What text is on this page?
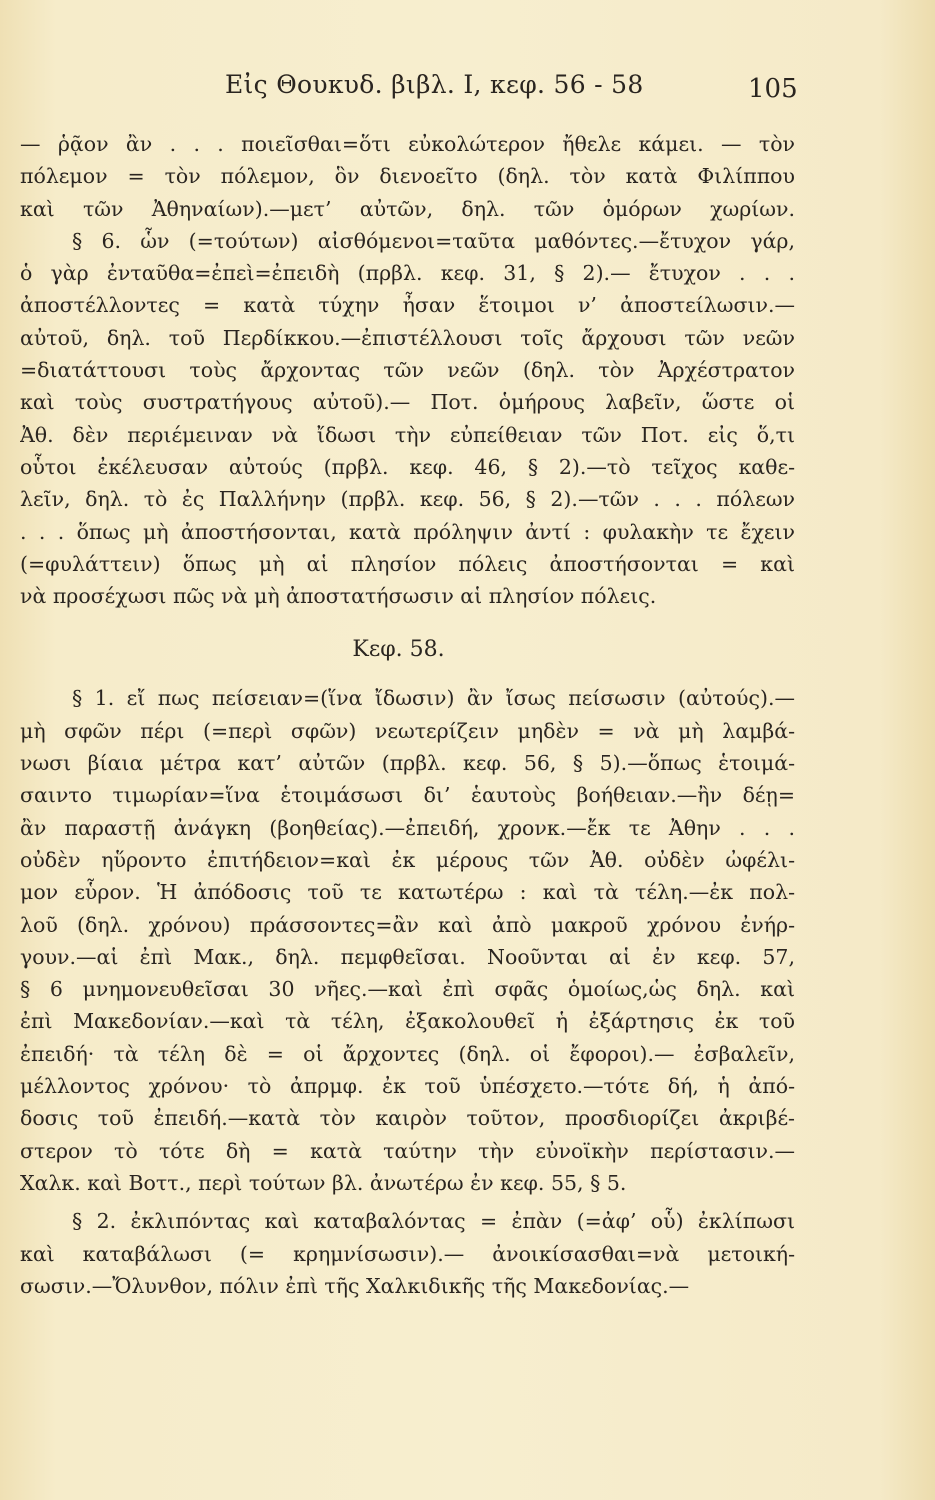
Εἰς Θουκυδ. βιβλ. Ι, κεφ. 56 - 58	105
— ῥᾷον ἂν . . . ποιεῖσθαι=ὅτι εὐκολώτερον ἤθελε κάμει. — τὸν
πόλεμον = τὸν πόλεμον, ὃν διενοεῖτο (δηλ. τὸν κατὰ Φιλίππου
καὶ τῶν Ἀθηναίων).—μετ’ αὐτῶν, δηλ. τῶν ὁμόρων χωρίων.
§ 6. ὧν (=τούτων) αἰσθόμενοι=ταῦτα μαθόντες.—ἔτυχον γάρ,
ὁ γὰρ ἐνταῦθα=ἐπεὶ=ἐπειδὴ (πρβλ. κεφ. 31, § 2).— ἔτυχον . . .
ἀποστέλλοντες = κατὰ τύχην ἦσαν ἕτοιμοι ν’ ἀποστείλωσιν.—
αὐτοῦ, δηλ. τοῦ Περδίκκου.—ἐπιστέλλουσι τοῖς ἄρχουσι τῶν νεῶν
=διατάττουσι τοὺς ἄρχοντας τῶν νεῶν (δηλ. τὸν Ἀρχέστρατον
καὶ τοὺς συστρατήγους αὐτοῦ).— Ποτ. ὁμήρους λαβεῖν, ὥστε οἱ
Ἀθ. δὲν περιέμειναν νὰ ἴδωσι τὴν εὐπείθειαν τῶν Ποτ. εἰς ὅ,τι
οὗτοι ἐκέλευσαν αὐτούς (πρβλ. κεφ. 46, § 2).—τὸ τεῖχος καθε-
λεῖν, δηλ. τὸ ἐς Παλλήνην (πρβλ. κεφ. 56, § 2).—τῶν . . . πόλεων
. . . ὅπως μὴ ἀποστήσονται, κατὰ πρόληψιν ἀντί : φυλακὴν τε ἔχειν
(=φυλάττειν) ὅπως μὴ αἱ πλησίον πόλεις ἀποστήσονται = καὶ
νὰ προσέχωσι πῶς νὰ μὴ ἀποστατήσωσιν αἱ πλησίον πόλεις.
Κεφ. 58.
§ 1. εἴ πως πείσειαν=(ἵνα ἴδωσιν) ἂν ἴσως πείσωσιν (αὐτούς).—
μὴ σφῶν πέρι (=περὶ σφῶν) νεωτερίζειν μηδὲν = νὰ μὴ λαμβά-
νωσι βίαια μέτρα κατ’ αὐτῶν (πρβλ. κεφ. 56, § 5).—ὅπως ἑτοιμά-
σαιντο τιμωρίαν=ἵνα ἑτοιμάσωσι δι’ ἑαυτοὺς βοήθειαν.—ἢν δέῃ=
ἂν παραστῇ ἀνάγκη (βοηθείας).—ἐπειδή, χρονκ.—ἔκ τε Ἀθην . . .
οὐδὲν ηὕροντο ἐπιτήδειον=καὶ ἐκ μέρους τῶν Ἀθ. οὐδὲν ὠφέλι-
μον εὗρον. Ἡ ἀπόδοσις τοῦ τε κατωτέρω : καὶ τὰ τέλη.—ἐκ πολ-
λοῦ (δηλ. χρόνου) πράσσοντες=ἂν καὶ ἀπὸ μακροῦ χρόνου ἐνήρ-
γουν.—αἱ ἐπὶ Μακ., δηλ. πεμφθεῖσαι. Νοοῦνται αἱ ἐν κεφ. 57,
§ 6 μνημονευθεῖσαι 30 νῆες.—καὶ ἐπὶ σφᾶς ὁμοίως,ὡς δηλ. καὶ
ἐπὶ Μακεδονίαν.—καὶ τὰ τέλη, ἐξακολουθεῖ ἡ ἐξάρτησις ἐκ τοῦ
ἐπειδή· τὰ τέλη δὲ = οἱ ἄρχοντες (δηλ. οἱ ἔφοροι).— ἐσβαλεῖν,
μέλλοντος χρόνου· τὸ ἀπρμφ. ἐκ τοῦ ὑπέσχετο.—τότε δή, ἡ ἀπό-
δοσις τοῦ ἐπειδή.—κατὰ τὸν καιρὸν τοῦτον, προσδιορίζει ἀκριβέ-
στερον τὸ τότε δὴ = κατὰ ταύτην τὴν εὐνοϊκὴν περίστασιν.—
Χαλκ. καὶ Βοττ., περὶ τούτων βλ. ἀνωτέρω ἐν κεφ. 55, § 5.
§ 2. ἐκλιπόντας καὶ καταβαλόντας = ἐπὰν (=ἀφ’ οὗ) ἐκλίπωσι
καὶ καταβάλωσι (= κρημνίσωσιν).— ἀνοικίσασθαι=νὰ μετοική-
σωσιν.—Ὄλυνθον, πόλιν ἐπὶ τῆς Χαλκιδικῆς τῆς Μακεδονίας.—
